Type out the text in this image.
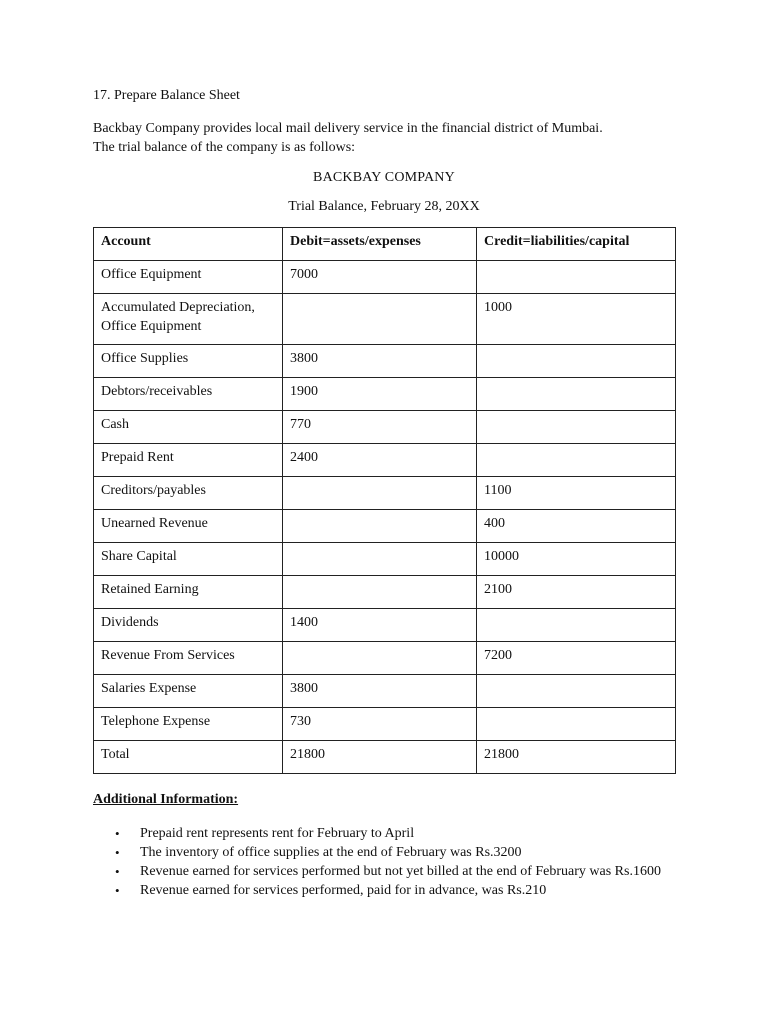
17. Prepare Balance Sheet

Backbay Company provides local mail delivery service in the financial district of Mumbai.
The trial balance of the company is as follows:

BACKBAY COMPANY

Trial Balance, February 28, 20XX

Account	Debit=assets/expenses	Credit=liabilities/capital
Office Equipment	7000	
Accumulated Depreciation, Office Equipment		1000
Office Supplies	3800	
Debtors/receivables	1900	
Cash	770	
Prepaid Rent	2400	
Creditors/payables		1100
Unearned Revenue		400
Share Capital		10000
Retained Earning		2100
Dividends	1400	
Revenue From Services		7200
Salaries Expense	3800	
Telephone Expense	730	
Total	21800	21800

Additional Information:

• Prepaid rent represents rent for February to April
• The inventory of office supplies at the end of February was Rs.3200
• Revenue earned for services performed but not yet billed at the end of February was Rs.1600
• Revenue earned for services performed, paid for in advance, was Rs.210
